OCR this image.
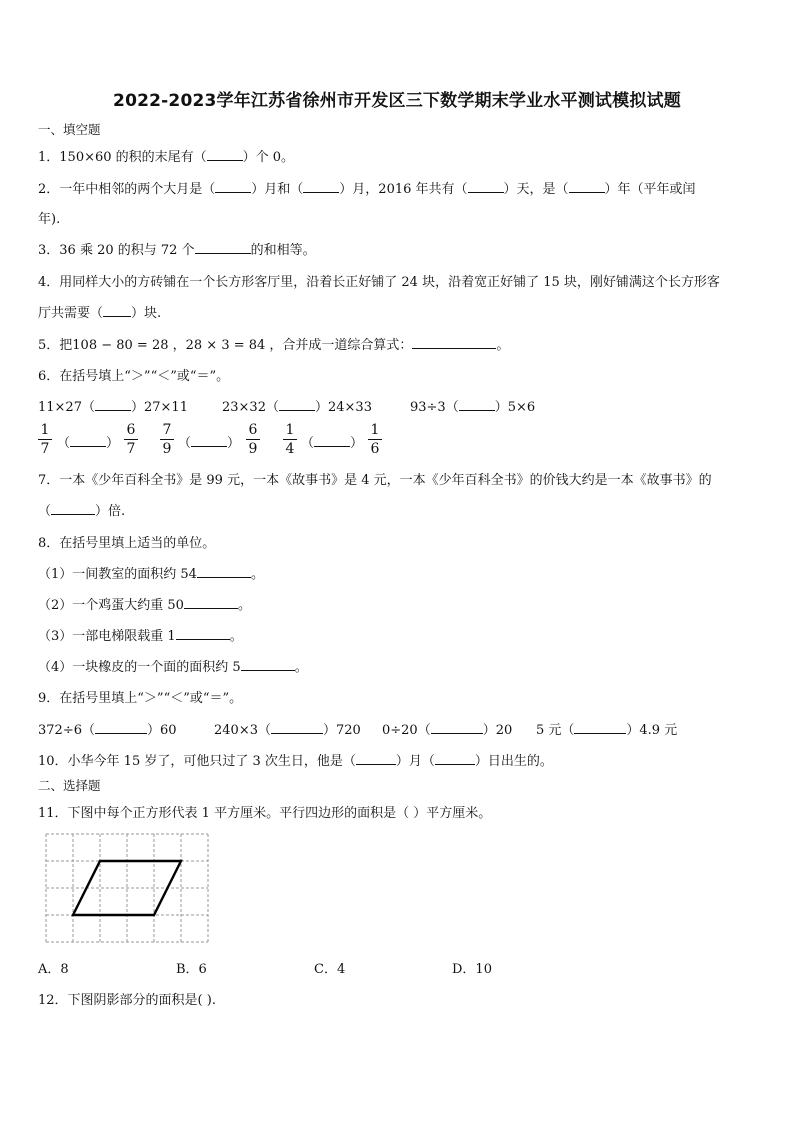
2022-2023学年江苏省徐州市开发区三下数学期末学业水平测试模拟试题
一、填空题
1．150×60 的积的末尾有（	）个 0。
2．一年中相邻的两个大月是（	）月和（	）月，2016 年共有（	）天，是（	）年（平年或闰
年).
3．36 乘 20 的积与 72 个	的和相等。
4．用同样大小的方砖铺在一个长方形客厅里，沿着长正好铺了 24 块，沿着宽正好铺了 15 块，刚好铺满这个长方形客
厅共需要（ ）块.
5．把108 − 80 = 28 ，28 × 3 = 84 ，合并成一道综合算式：	。
6．在括号填上“＞”“＜”或“＝”。
11×27（	）27×11	23×32（	）24×33	93÷3（	）5×6
$\frac{1}{7}$ （	） $\frac{6}{7} \frac{7}{9}$ （	） $\frac{6}{9} \frac{1}{4}$ （	） $\frac{1}{6}$
7．一本《少年百科全书》是 99 元，一本《故事书》是 4 元，一本《少年百科全书》的价钱大约是一本《故事书》的
（	）倍.
8．在括号里填上适当的单位。
（1）一间教室的面积约 54	。
（2）一个鸡蛋大约重 50	。
（3）一部电梯限载重 1	。
（4）一块橡皮的一个面的面积约 5	。
9．在括号里填上“＞”“＜”或“＝”。
372÷6（	）60	240×3（	）720 0÷20（	）20 5 元（	）4.9 元
10．小华今年 15 岁了，可他只过了 3 次生日，他是（	）月（	）日出生的。
二、选择题
11．下图中每个正方形代表 1 平方厘米。平行四边形的面积是（ ）平方厘米。
A．8	B．6	C．4	D．10
12．下图阴影部分的面积是( ).
